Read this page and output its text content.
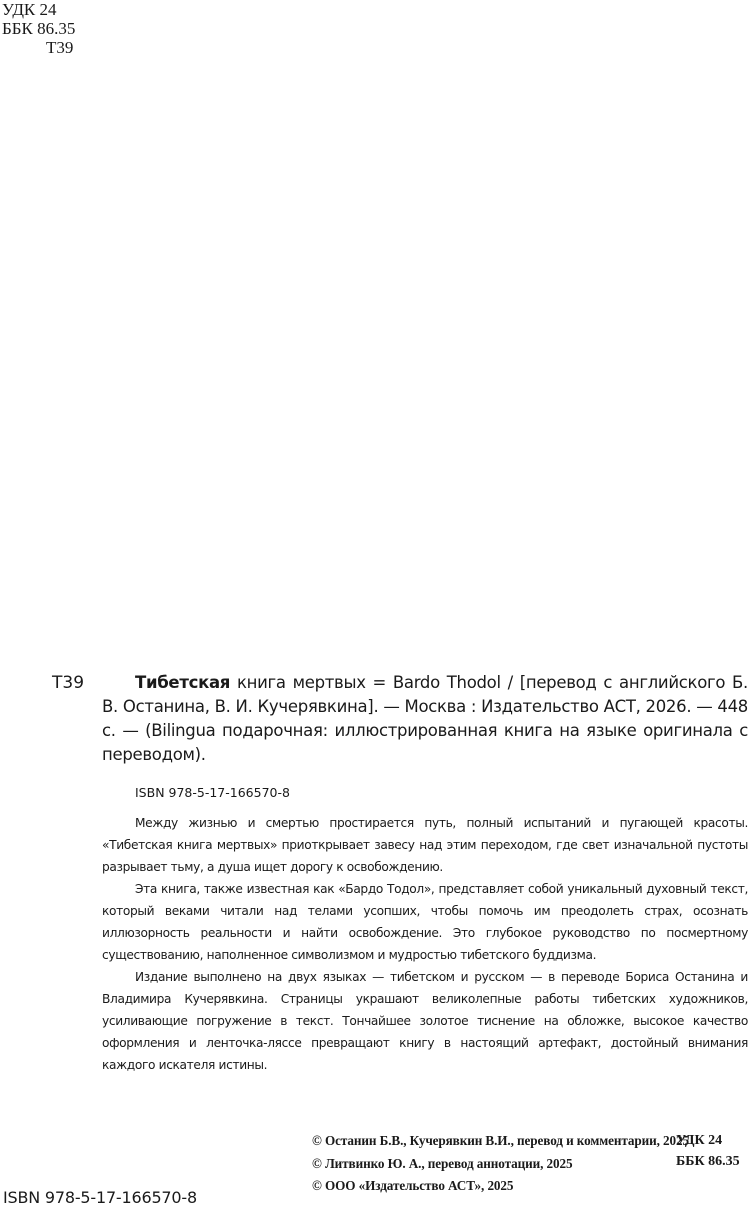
УДК 24
ББК 86.35
Т39
Т39	Тибетская книга мертвых = Bardo Thodol / [перевод с английского Б. В. Останина, В. И. Кучерявкина]. — Москва : Издательство АСТ, 2026. — 448 с. — (Bilingua подарочная: иллюстрированная книга на языке оригинала с переводом).
ISBN 978-5-17-166570-8

Между жизнью и смертью простирается путь, полный испытаний и пугающей красоты. «Тибетская книга мертвых» приоткрывает завесу над этим переходом, где свет изначальной пустоты разрывает тьму, а душа ищет дорогу к освобождению.

Эта книга, также известная как «Бардо Тодол», представляет собой уникальный духовный текст, который веками читали над телами усопших, чтобы помочь им преодолеть страх, осознать иллюзорность реальности и найти освобождение. Это глубокое руководство по посмертному существованию, наполненное символизмом и мудростью тибетского буддизма.

Издание выполнено на двух языках — тибетском и русском — в переводе Бориса Останина и Владимира Кучерявкина. Страницы украшают великолепные работы тибетских художников, усиливающие погружение в текст. Тончайшее золотое тиснение на обложке, высокое качество оформления и ленточка-ляссе превращают книгу в настоящий артефакт, достойный внимания каждого искателя истины.

© Останин Б.В., Кучерявкин В.И., перевод и комментарии, 2025
© Литвинко Ю. А., перевод аннотации, 2025
© ООО «Издательство АСТ», 2025
УДК 24
ББК 86.35
ISBN 978-5-17-166570-8
